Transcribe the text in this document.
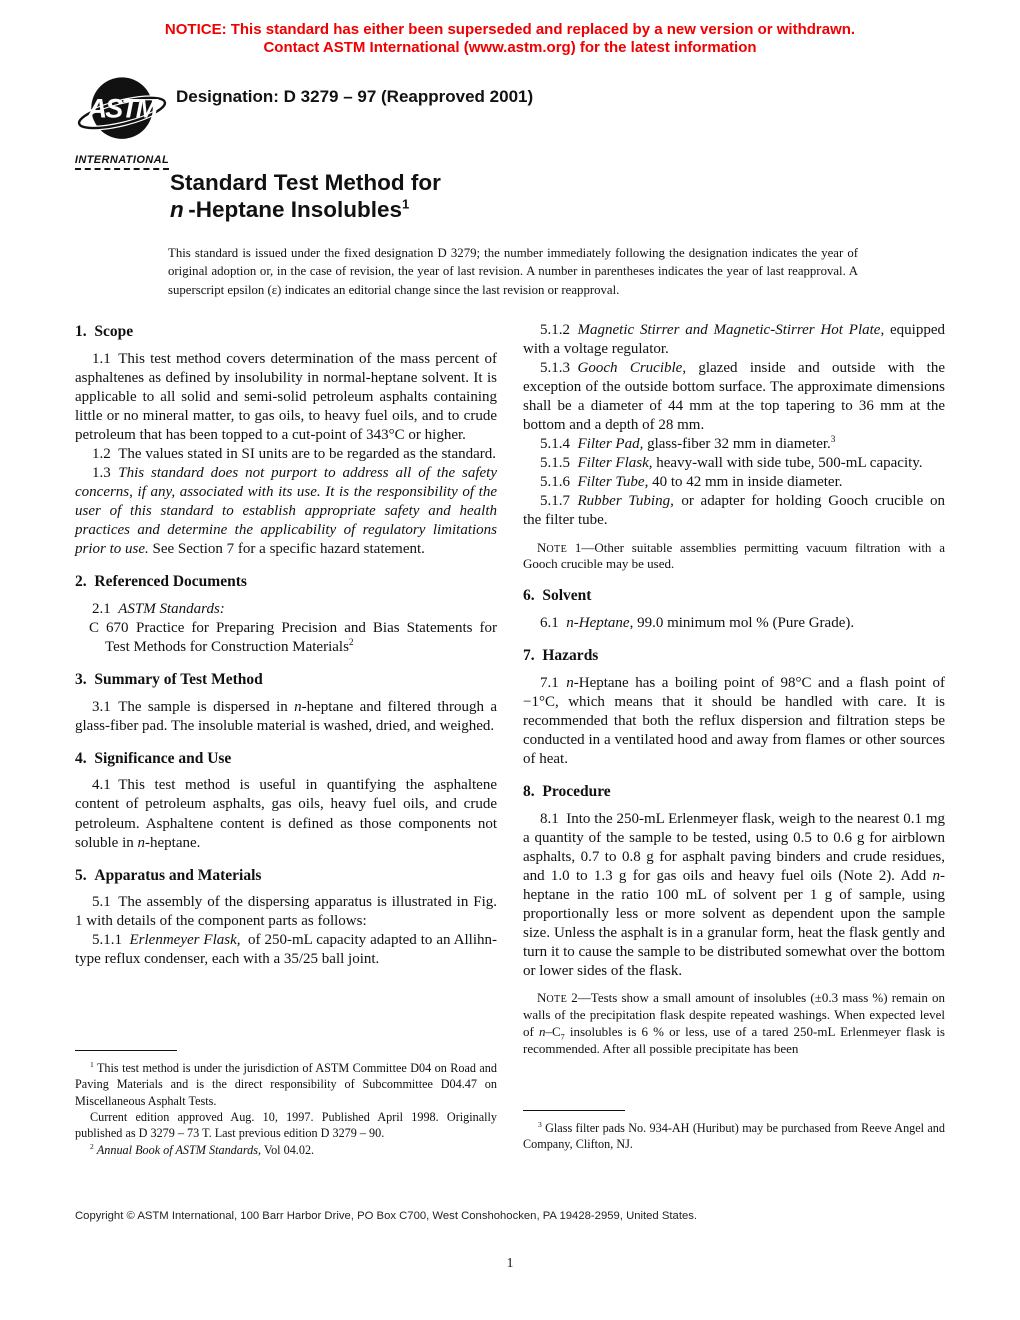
NOTICE: This standard has either been superseded and replaced by a new version or withdrawn.
Contact ASTM International (www.astm.org) for the latest information
ASTM
INTERNATIONAL
Designation: D 3279 – 97 (Reapproved 2001)
Standard Test Method for
n -Heptane Insolubles$^1$
This standard is issued under the fixed designation D 3279; the number immediately following the designation indicates the year of original adoption or, in the case of revision, the year of last revision. A number in parentheses indicates the year of last reapproval. A superscript epsilon (ε) indicates an editorial change since the last revision or reapproval.
1. Scope
1.1 This test method covers determination of the mass percent of asphaltenes as defined by insolubility in normal-heptane solvent. It is applicable to all solid and semi-solid petroleum asphalts containing little or no mineral matter, to gas oils, to heavy fuel oils, and to crude petroleum that has been topped to a cut-point of 343°C or higher.
1.2 The values stated in SI units are to be regarded as the standard.
1.3 This standard does not purport to address all of the safety concerns, if any, associated with its use. It is the responsibility of the user of this standard to establish appropriate safety and health practices and determine the applicability of regulatory limitations prior to use. See Section 7 for a specific hazard statement.
2. Referenced Documents
2.1 ASTM Standards:
C 670 Practice for Preparing Precision and Bias Statements for Test Methods for Construction Materials$^2$
3. Summary of Test Method
3.1 The sample is dispersed in n-heptane and filtered through a glass-fiber pad. The insoluble material is washed, dried, and weighed.
4. Significance and Use
4.1 This test method is useful in quantifying the asphaltene content of petroleum asphalts, gas oils, heavy fuel oils, and crude petroleum. Asphaltene content is defined as those components not soluble in n-heptane.
5. Apparatus and Materials
5.1 The assembly of the dispersing apparatus is illustrated in Fig. 1 with details of the component parts as follows:
5.1.1 Erlenmeyer Flask, of 250-mL capacity adapted to an Allihn-type reflux condenser, each with a 35/25 ball joint.
5.1.2 Magnetic Stirrer and Magnetic-Stirrer Hot Plate, equipped with a voltage regulator.
5.1.3 Gooch Crucible, glazed inside and outside with the exception of the outside bottom surface. The approximate dimensions shall be a diameter of 44 mm at the top tapering to 36 mm at the bottom and a depth of 28 mm.
5.1.4 Filter Pad, glass-fiber 32 mm in diameter.$^3$
5.1.5 Filter Flask, heavy-wall with side tube, 500-mL capacity.
5.1.6 Filter Tube, 40 to 42 mm in inside diameter.
5.1.7 Rubber Tubing, or adapter for holding Gooch crucible on the filter tube.
NOTE 1—Other suitable assemblies permitting vacuum filtration with a Gooch crucible may be used.
6. Solvent
6.1 n-Heptane, 99.0 minimum mol % (Pure Grade).
7. Hazards
7.1 n-Heptane has a boiling point of 98°C and a flash point of −1°C, which means that it should be handled with care. It is recommended that both the reflux dispersion and filtration steps be conducted in a ventilated hood and away from flames or other sources of heat.
8. Procedure
8.1 Into the 250-mL Erlenmeyer flask, weigh to the nearest 0.1 mg a quantity of the sample to be tested, using 0.5 to 0.6 g for airblown asphalts, 0.7 to 0.8 g for asphalt paving binders and crude residues, and 1.0 to 1.3 g for gas oils and heavy fuel oils (Note 2). Add n-heptane in the ratio 100 mL of solvent per 1 g of sample, using proportionally less or more solvent as dependent upon the sample size. Unless the asphalt is in a granular form, heat the flask gently and turn it to cause the sample to be distributed somewhat over the bottom or lower sides of the flask.
NOTE 2—Tests show a small amount of insolubles (±0.3 mass %) remain on walls of the precipitation flask despite repeated washings. When expected level of $n-C_7$ insolubles is 6 % or less, use of a tared 250-mL Erlenmeyer flask is recommended. After all possible precipitate has been
$^1$ This test method is under the jurisdiction of ASTM Committee D04 on Road and Paving Materials and is the direct responsibility of Subcommittee D04.47 on Miscellaneous Asphalt Tests.
Current edition approved Aug. 10, 1997. Published April 1998. Originally published as D 3279 – 73 T. Last previous edition D 3279 – 90.
$^2$ Annual Book of ASTM Standards, Vol 04.02.
$^3$ Glass filter pads No. 934-AH (Huribut) may be purchased from Reeve Angel and Company, Clifton, NJ.
Copyright © ASTM International, 100 Barr Harbor Drive, PO Box C700, West Conshohocken, PA 19428-2959, United States.
1
